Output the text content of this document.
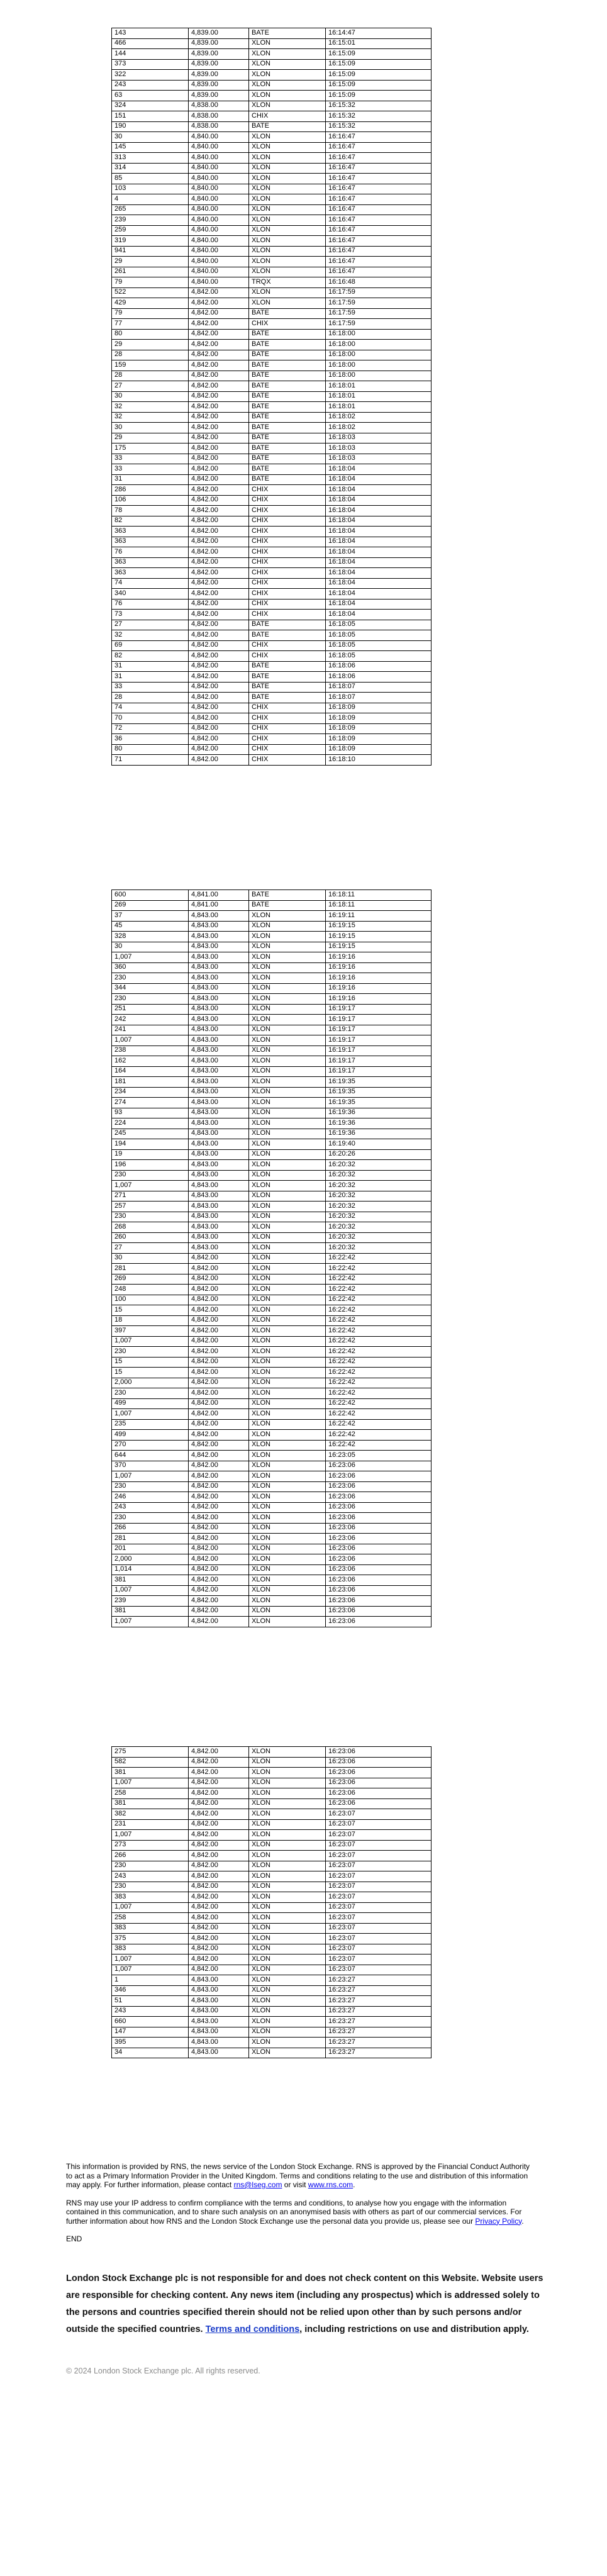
143	4,839.00	BATE	16:14:47
466	4,839.00	XLON	16:15:01
144	4,839.00	XLON	16:15:09
373	4,839.00	XLON	16:15:09
322	4,839.00	XLON	16:15:09
243	4,839.00	XLON	16:15:09
63	4,839.00	XLON	16:15:09
324	4,838.00	XLON	16:15:32
151	4,838.00	CHIX	16:15:32
190	4,838.00	BATE	16:15:32
30	4,840.00	XLON	16:16:47
145	4,840.00	XLON	16:16:47
313	4,840.00	XLON	16:16:47
314	4,840.00	XLON	16:16:47
85	4,840.00	XLON	16:16:47
103	4,840.00	XLON	16:16:47
4	4,840.00	XLON	16:16:47
265	4,840.00	XLON	16:16:47
239	4,840.00	XLON	16:16:47
259	4,840.00	XLON	16:16:47
319	4,840.00	XLON	16:16:47
941	4,840.00	XLON	16:16:47
29	4,840.00	XLON	16:16:47
261	4,840.00	XLON	16:16:47
79	4,840.00	TRQX	16:16:48
522	4,842.00	XLON	16:17:59
429	4,842.00	XLON	16:17:59
79	4,842.00	BATE	16:17:59
77	4,842.00	CHIX	16:17:59
80	4,842.00	BATE	16:18:00
29	4,842.00	BATE	16:18:00
28	4,842.00	BATE	16:18:00
159	4,842.00	BATE	16:18:00
28	4,842.00	BATE	16:18:00
27	4,842.00	BATE	16:18:01
30	4,842.00	BATE	16:18:01
32	4,842.00	BATE	16:18:01
32	4,842.00	BATE	16:18:02
30	4,842.00	BATE	16:18:02
29	4,842.00	BATE	16:18:03
175	4,842.00	BATE	16:18:03
33	4,842.00	BATE	16:18:03
33	4,842.00	BATE	16:18:04
31	4,842.00	BATE	16:18:04
286	4,842.00	CHIX	16:18:04
106	4,842.00	CHIX	16:18:04
78	4,842.00	CHIX	16:18:04
82	4,842.00	CHIX	16:18:04
363	4,842.00	CHIX	16:18:04
363	4,842.00	CHIX	16:18:04
76	4,842.00	CHIX	16:18:04
363	4,842.00	CHIX	16:18:04
363	4,842.00	CHIX	16:18:04
74	4,842.00	CHIX	16:18:04
340	4,842.00	CHIX	16:18:04
76	4,842.00	CHIX	16:18:04
73	4,842.00	CHIX	16:18:04
27	4,842.00	BATE	16:18:05
32	4,842.00	BATE	16:18:05
69	4,842.00	CHIX	16:18:05
82	4,842.00	CHIX	16:18:05
31	4,842.00	BATE	16:18:06
31	4,842.00	BATE	16:18:06
33	4,842.00	BATE	16:18:07
28	4,842.00	BATE	16:18:07
74	4,842.00	CHIX	16:18:09
70	4,842.00	CHIX	16:18:09
72	4,842.00	CHIX	16:18:09
36	4,842.00	CHIX	16:18:09
80	4,842.00	CHIX	16:18:09
71	4,842.00	CHIX	16:18:10
600	4,841.00	BATE	16:18:11
269	4,841.00	BATE	16:18:11
37	4,843.00	XLON	16:19:11
45	4,843.00	XLON	16:19:15
328	4,843.00	XLON	16:19:15
30	4,843.00	XLON	16:19:15
1,007	4,843.00	XLON	16:19:16
360	4,843.00	XLON	16:19:16
230	4,843.00	XLON	16:19:16
344	4,843.00	XLON	16:19:16
230	4,843.00	XLON	16:19:16
251	4,843.00	XLON	16:19:17
242	4,843.00	XLON	16:19:17
241	4,843.00	XLON	16:19:17
1,007	4,843.00	XLON	16:19:17
238	4,843.00	XLON	16:19:17
162	4,843.00	XLON	16:19:17
164	4,843.00	XLON	16:19:17
181	4,843.00	XLON	16:19:35
234	4,843.00	XLON	16:19:35
274	4,843.00	XLON	16:19:35
93	4,843.00	XLON	16:19:36
224	4,843.00	XLON	16:19:36
245	4,843.00	XLON	16:19:36
194	4,843.00	XLON	16:19:40
19	4,843.00	XLON	16:20:26
196	4,843.00	XLON	16:20:32
230	4,843.00	XLON	16:20:32
1,007	4,843.00	XLON	16:20:32
271	4,843.00	XLON	16:20:32
257	4,843.00	XLON	16:20:32
230	4,843.00	XLON	16:20:32
268	4,843.00	XLON	16:20:32
260	4,843.00	XLON	16:20:32
27	4,843.00	XLON	16:20:32
30	4,842.00	XLON	16:22:42
281	4,842.00	XLON	16:22:42
269	4,842.00	XLON	16:22:42
248	4,842.00	XLON	16:22:42
100	4,842.00	XLON	16:22:42
15	4,842.00	XLON	16:22:42
18	4,842.00	XLON	16:22:42
397	4,842.00	XLON	16:22:42
1,007	4,842.00	XLON	16:22:42
230	4,842.00	XLON	16:22:42
15	4,842.00	XLON	16:22:42
15	4,842.00	XLON	16:22:42
2,000	4,842.00	XLON	16:22:42
230	4,842.00	XLON	16:22:42
499	4,842.00	XLON	16:22:42
1,007	4,842.00	XLON	16:22:42
235	4,842.00	XLON	16:22:42
499	4,842.00	XLON	16:22:42
270	4,842.00	XLON	16:22:42
644	4,842.00	XLON	16:23:05
370	4,842.00	XLON	16:23:06
1,007	4,842.00	XLON	16:23:06
230	4,842.00	XLON	16:23:06
246	4,842.00	XLON	16:23:06
243	4,842.00	XLON	16:23:06
230	4,842.00	XLON	16:23:06
266	4,842.00	XLON	16:23:06
281	4,842.00	XLON	16:23:06
201	4,842.00	XLON	16:23:06
2,000	4,842.00	XLON	16:23:06
1,014	4,842.00	XLON	16:23:06
381	4,842.00	XLON	16:23:06
1,007	4,842.00	XLON	16:23:06
239	4,842.00	XLON	16:23:06
381	4,842.00	XLON	16:23:06
1,007	4,842.00	XLON	16:23:06
275	4,842.00	XLON	16:23:06
582	4,842.00	XLON	16:23:06
381	4,842.00	XLON	16:23:06
1,007	4,842.00	XLON	16:23:06
258	4,842.00	XLON	16:23:06
381	4,842.00	XLON	16:23:06
382	4,842.00	XLON	16:23:07
231	4,842.00	XLON	16:23:07
1,007	4,842.00	XLON	16:23:07
273	4,842.00	XLON	16:23:07
266	4,842.00	XLON	16:23:07
230	4,842.00	XLON	16:23:07
243	4,842.00	XLON	16:23:07
230	4,842.00	XLON	16:23:07
383	4,842.00	XLON	16:23:07
1,007	4,842.00	XLON	16:23:07
258	4,842.00	XLON	16:23:07
383	4,842.00	XLON	16:23:07
375	4,842.00	XLON	16:23:07
383	4,842.00	XLON	16:23:07
1,007	4,842.00	XLON	16:23:07
1,007	4,842.00	XLON	16:23:07
1	4,843.00	XLON	16:23:27
346	4,843.00	XLON	16:23:27
51	4,843.00	XLON	16:23:27
243	4,843.00	XLON	16:23:27
660	4,843.00	XLON	16:23:27
147	4,843.00	XLON	16:23:27
395	4,843.00	XLON	16:23:27
34	4,843.00	XLON	16:23:27

This information is provided by RNS, the news service of the London Stock Exchange. RNS is approved by the Financial Conduct Authority to act as a Primary Information Provider in the United Kingdom. Terms and conditions relating to the use and distribution of this information may apply. For further information, please contact rns@lseg.com or visit www.rns.com.

RNS may use your IP address to confirm compliance with the terms and conditions, to analyse how you engage with the information contained in this communication, and to share such analysis on an anonymised basis with others as part of our commercial services. For further information about how RNS and the London Stock Exchange use the personal data you provide us, please see our Privacy Policy.

END

London Stock Exchange plc is not responsible for and does not check content on this Website. Website users are responsible for checking content. Any news item (including any prospectus) which is addressed solely to the persons and countries specified therein should not be relied upon other than by such persons and/or outside the specified countries. Terms and conditions, including restrictions on use and distribution apply.
© 2024 London Stock Exchange plc. All rights reserved.
